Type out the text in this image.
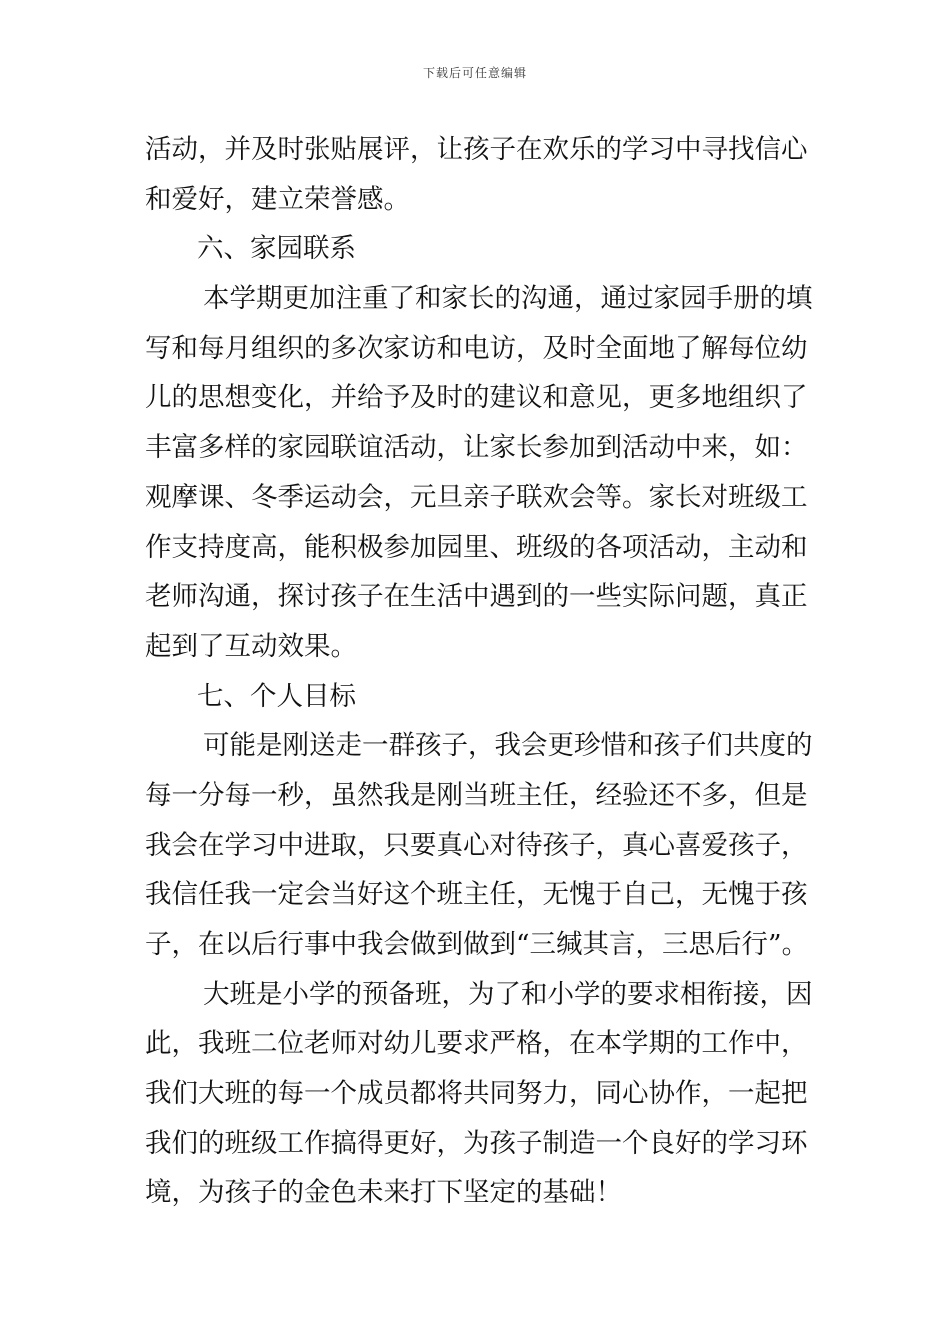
下载后可任意编辑
活动，并及时张贴展评，让孩子在欢乐的学习中寻找信心
和爱好，建立荣誉感。
六、家园联系
本学期更加注重了和家长的沟通，通过家园手册的填
写和每月组织的多次家访和电访，及时全面地了解每位幼
儿的思想变化，并给予及时的建议和意见，更多地组织了
丰富多样的家园联谊活动，让家长参加到活动中来，如：
观摩课、冬季运动会，元旦亲子联欢会等。家长对班级工
作支持度高，能积极参加园里、班级的各项活动，主动和
老师沟通，探讨孩子在生活中遇到的一些实际问题，真正
起到了互动效果。
七、个人目标
可能是刚送走一群孩子，我会更珍惜和孩子们共度的
每一分每一秒，虽然我是刚当班主任，经验还不多，但是
我会在学习中进取，只要真心对待孩子，真心喜爱孩子，
我信任我一定会当好这个班主任，无愧于自己，无愧于孩
子，在以后行事中我会做到做到“三缄其言，三思后行”。
大班是小学的预备班，为了和小学的要求相衔接，因
此，我班二位老师对幼儿要求严格，在本学期的工作中，
我们大班的每一个成员都将共同努力，同心协作，一起把
我们的班级工作搞得更好，为孩子制造一个良好的学习环
境，为孩子的金色未来打下坚定的基础！
